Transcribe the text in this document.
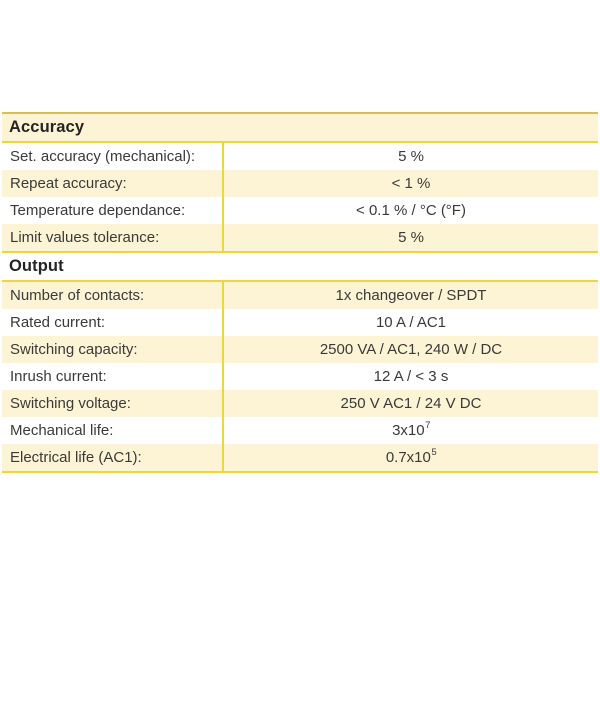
Accuracy
Set. accuracy (mechanical):	5 %
Repeat accuracy:	< 1 %
Temperature dependance:	< 0.1 % / °C (°F)
Limit values tolerance:	5 %
Output
Number of contacts:	1x changeover / SPDT
Rated current:	10 A / AC1
Switching capacity:	2500 VA / AC1, 240 W / DC
Inrush current:	12 A / < 3 s
Switching voltage:	250 V AC1 / 24 V DC
Mechanical life:	$3x10^7$
Electrical life (AC1):	$0.7x10^5$
